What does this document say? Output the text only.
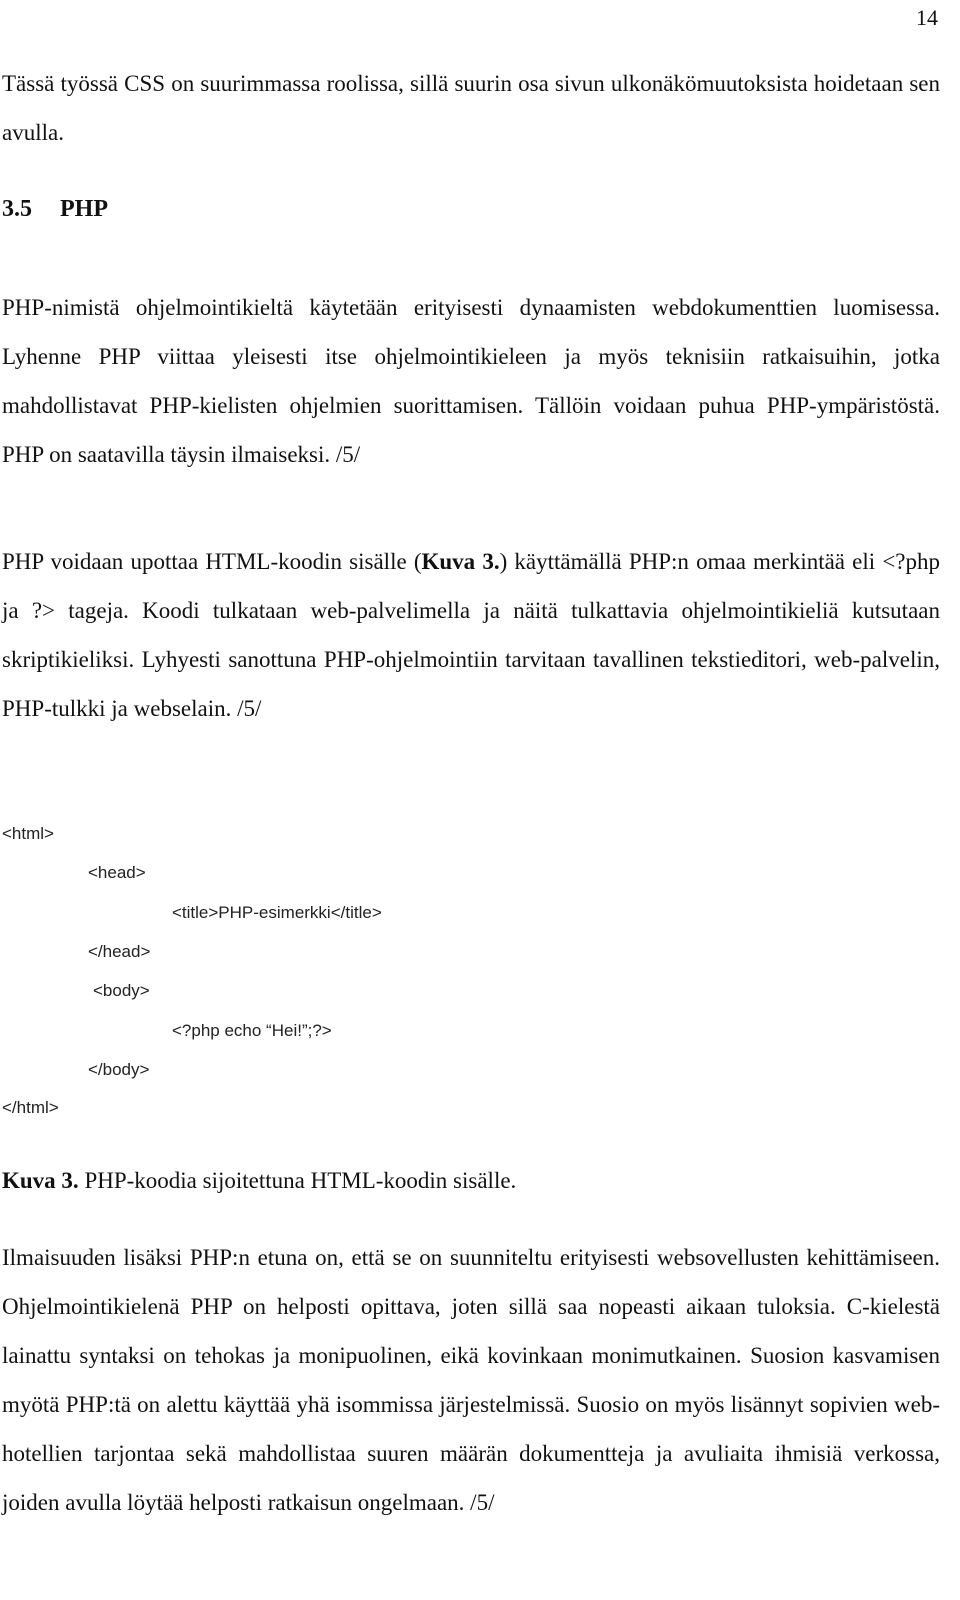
14

Tässä työssä CSS on suurimmassa roolissa, sillä suurin osa sivun ulkonäkömuutoksista hoidetaan sen avulla.

3.5 PHP

PHP-nimistä ohjelmointikieltä käytetään erityisesti dynaamisten webdokumenttien luomisessa. Lyhenne PHP viittaa yleisesti itse ohjelmointikieleen ja myös teknisiin ratkaisuihin, jotka mahdollistavat PHP-kielisten ohjelmien suorittamisen. Tällöin voidaan puhua PHP-ympäristöstä. PHP on saatavilla täysin ilmaiseksi. /5/

PHP voidaan upottaa HTML-koodin sisälle (Kuva 3.) käyttämällä PHP:n omaa merkintää eli <?php ja ?> tageja. Koodi tulkataan web-palvelimella ja näitä tulkattavia ohjelmointikieliä kutsutaan skriptikieliksi. Lyhyesti sanottuna PHP-ohjelmointiin tarvitaan tavallinen tekstieditori, web-palvelin, PHP-tulkki ja webselain. /5/

<html>
<head>
<title>PHP-esimerkki</title>
</head>
<body>
<?php echo “Hei!”;?>
</body>
</html>

Kuva 3. PHP-koodia sijoitettuna HTML-koodin sisälle.

Ilmaisuuden lisäksi PHP:n etuna on, että se on suunniteltu erityisesti websovellusten kehittämiseen. Ohjelmointikielenä PHP on helposti opittava, joten sillä saa nopeasti aikaan tuloksia. C-kielestä lainattu syntaksi on tehokas ja monipuolinen, eikä kovinkaan monimutkainen. Suosion kasvamisen myötä PHP:tä on alettu käyttää yhä isommissa järjestelmissä. Suosio on myös lisännyt sopivien web-hotellien tarjontaa sekä mahdollistaa suuren määrän dokumentteja ja avuliaita ihmisiä verkossa, joiden avulla löytää helposti ratkaisun ongelmaan. /5/
